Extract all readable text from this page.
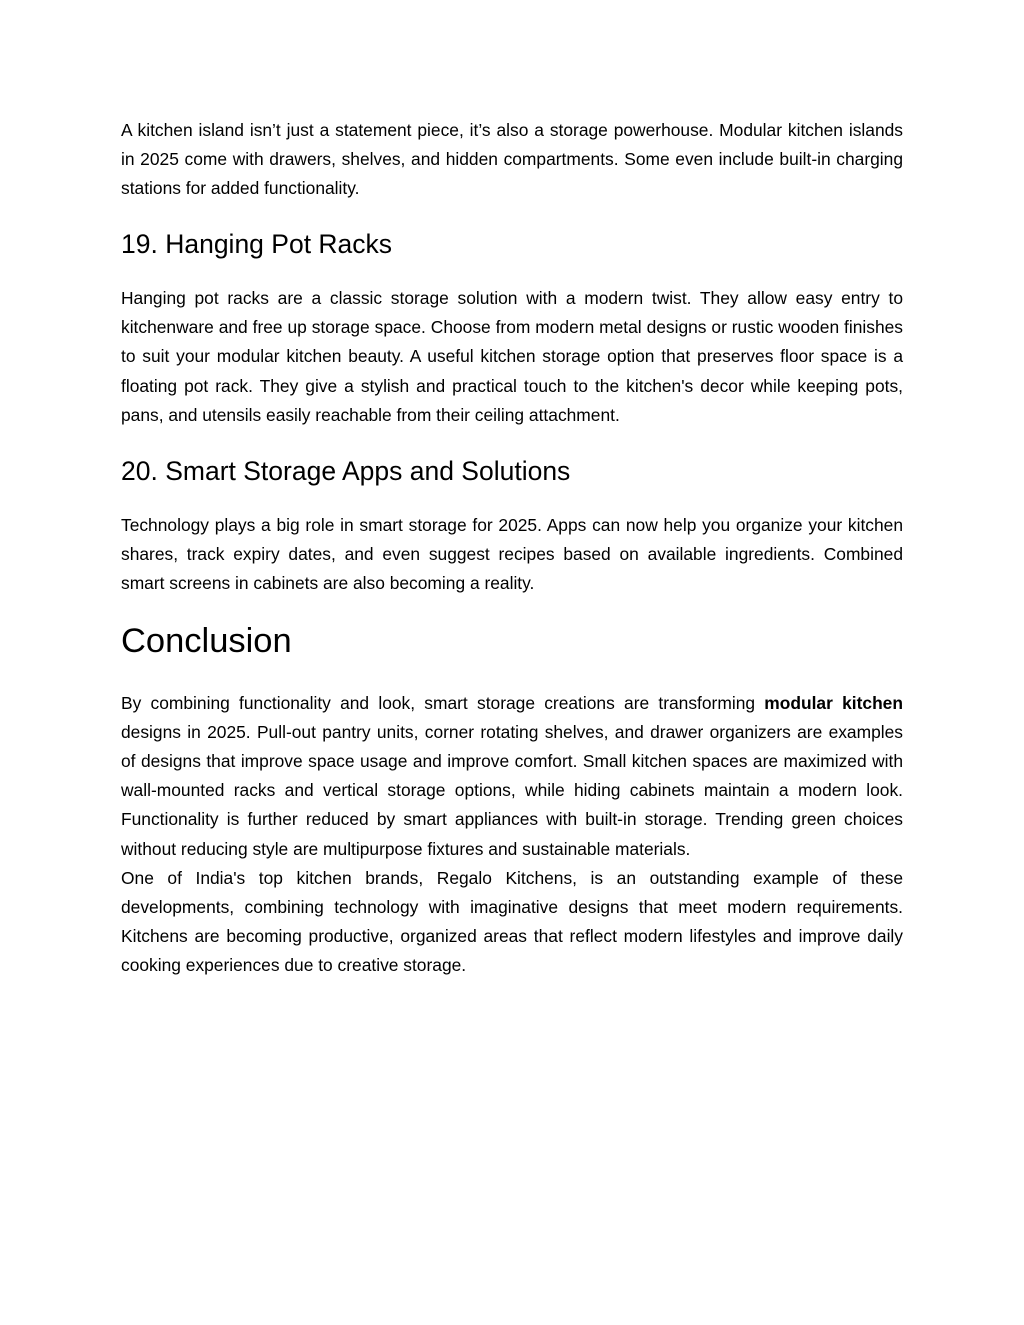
A kitchen island isn’t just a statement piece, it’s also a storage powerhouse. Modular kitchen islands in 2025 come with drawers, shelves, and hidden compartments. Some even include built-in charging stations for added functionality.

19. Hanging Pot Racks

Hanging pot racks are a classic storage solution with a modern twist. They allow easy entry to kitchenware and free up storage space. Choose from modern metal designs or rustic wooden finishes to suit your modular kitchen beauty. A useful kitchen storage option that preserves floor space is a floating pot rack. They give a stylish and practical touch to the kitchen's decor while keeping pots, pans, and utensils easily reachable from their ceiling attachment.

20. Smart Storage Apps and Solutions

Technology plays a big role in smart storage for 2025. Apps can now help you organize your kitchen shares, track expiry dates, and even suggest recipes based on available ingredients. Combined smart screens in cabinets are also becoming a reality.

Conclusion

By combining functionality and look, smart storage creations are transforming modular kitchen designs in 2025. Pull-out pantry units, corner rotating shelves, and drawer organizers are examples of designs that improve space usage and improve comfort. Small kitchen spaces are maximized with wall-mounted racks and vertical storage options, while hiding cabinets maintain a modern look. Functionality is further reduced by smart appliances with built-in storage. Trending green choices without reducing style are multipurpose fixtures and sustainable materials.

One of India's top kitchen brands, Regalo Kitchens, is an outstanding example of these developments, combining technology with imaginative designs that meet modern requirements. Kitchens are becoming productive, organized areas that reflect modern lifestyles and improve daily cooking experiences due to creative storage.
